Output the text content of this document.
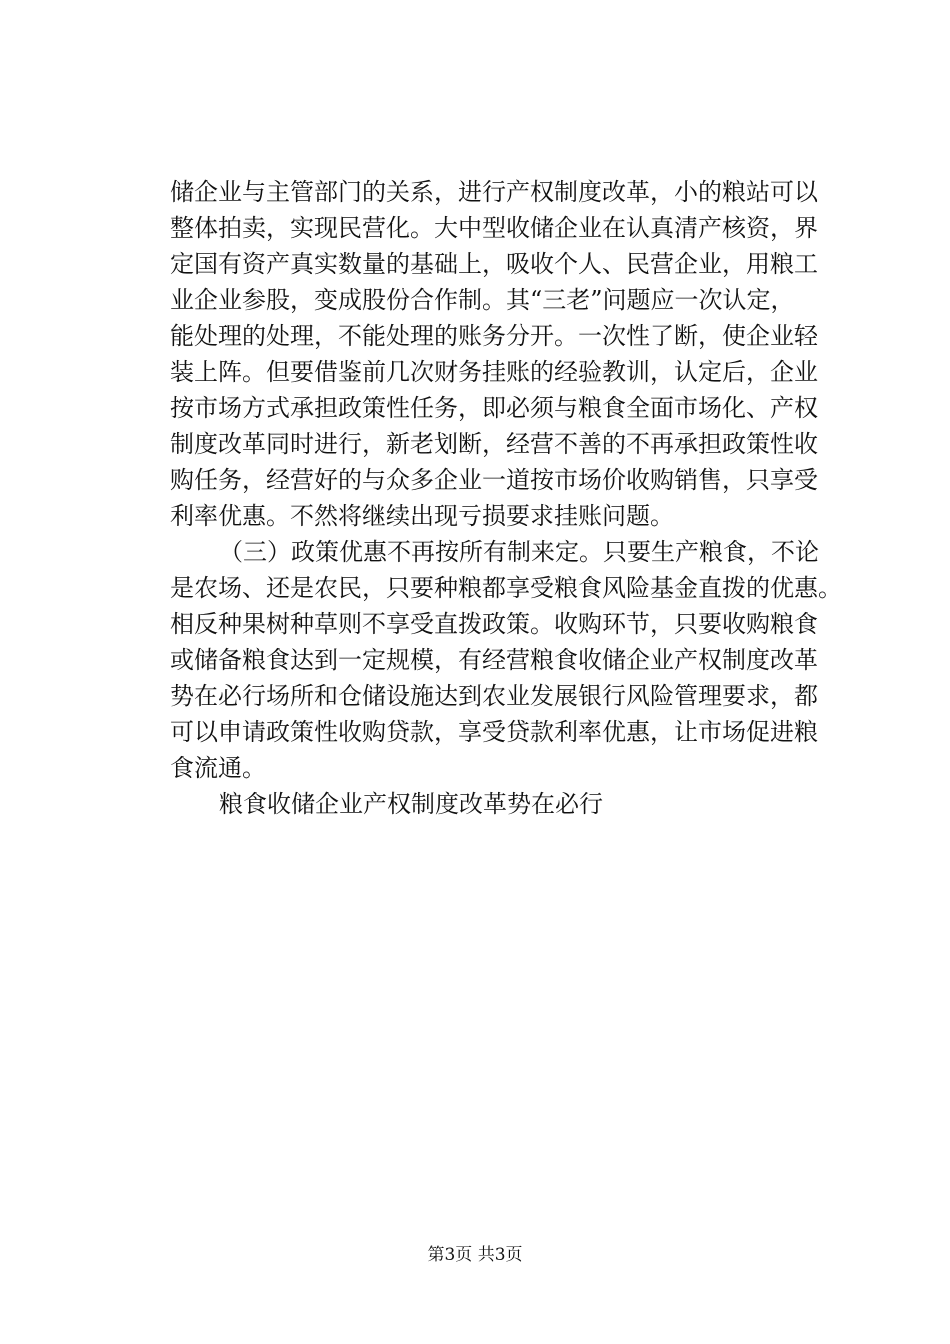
储企业与主管部门的关系，进行产权制度改革，小的粮站可以
整体拍卖，实现民营化。大中型收储企业在认真清产核资，界
定国有资产真实数量的基础上，吸收个人、民营企业，用粮工
业企业参股，变成股份合作制。其“三老”问题应一次认定，
能处理的处理，不能处理的账务分开。一次性了断，使企业轻
装上阵。但要借鉴前几次财务挂账的经验教训，认定后，企业
按市场方式承担政策性任务，即必须与粮食全面市场化、产权
制度改革同时进行，新老划断，经营不善的不再承担政策性收
购任务，经营好的与众多企业一道按市场价收购销售，只享受
利率优惠。不然将继续出现亏损要求挂账问题。
（三）政策优惠不再按所有制来定。只要生产粮食，不论
是农场、还是农民，只要种粮都享受粮食风险基金直拨的优惠。
相反种果树种草则不享受直拨政策。收购环节，只要收购粮食
或储备粮食达到一定规模，有经营粮食收储企业产权制度改革
势在必行场所和仓储设施达到农业发展银行风险管理要求，都
可以申请政策性收购贷款，享受贷款利率优惠，让市场促进粮
食流通。
粮食收储企业产权制度改革势在必行
第3页 共3页
